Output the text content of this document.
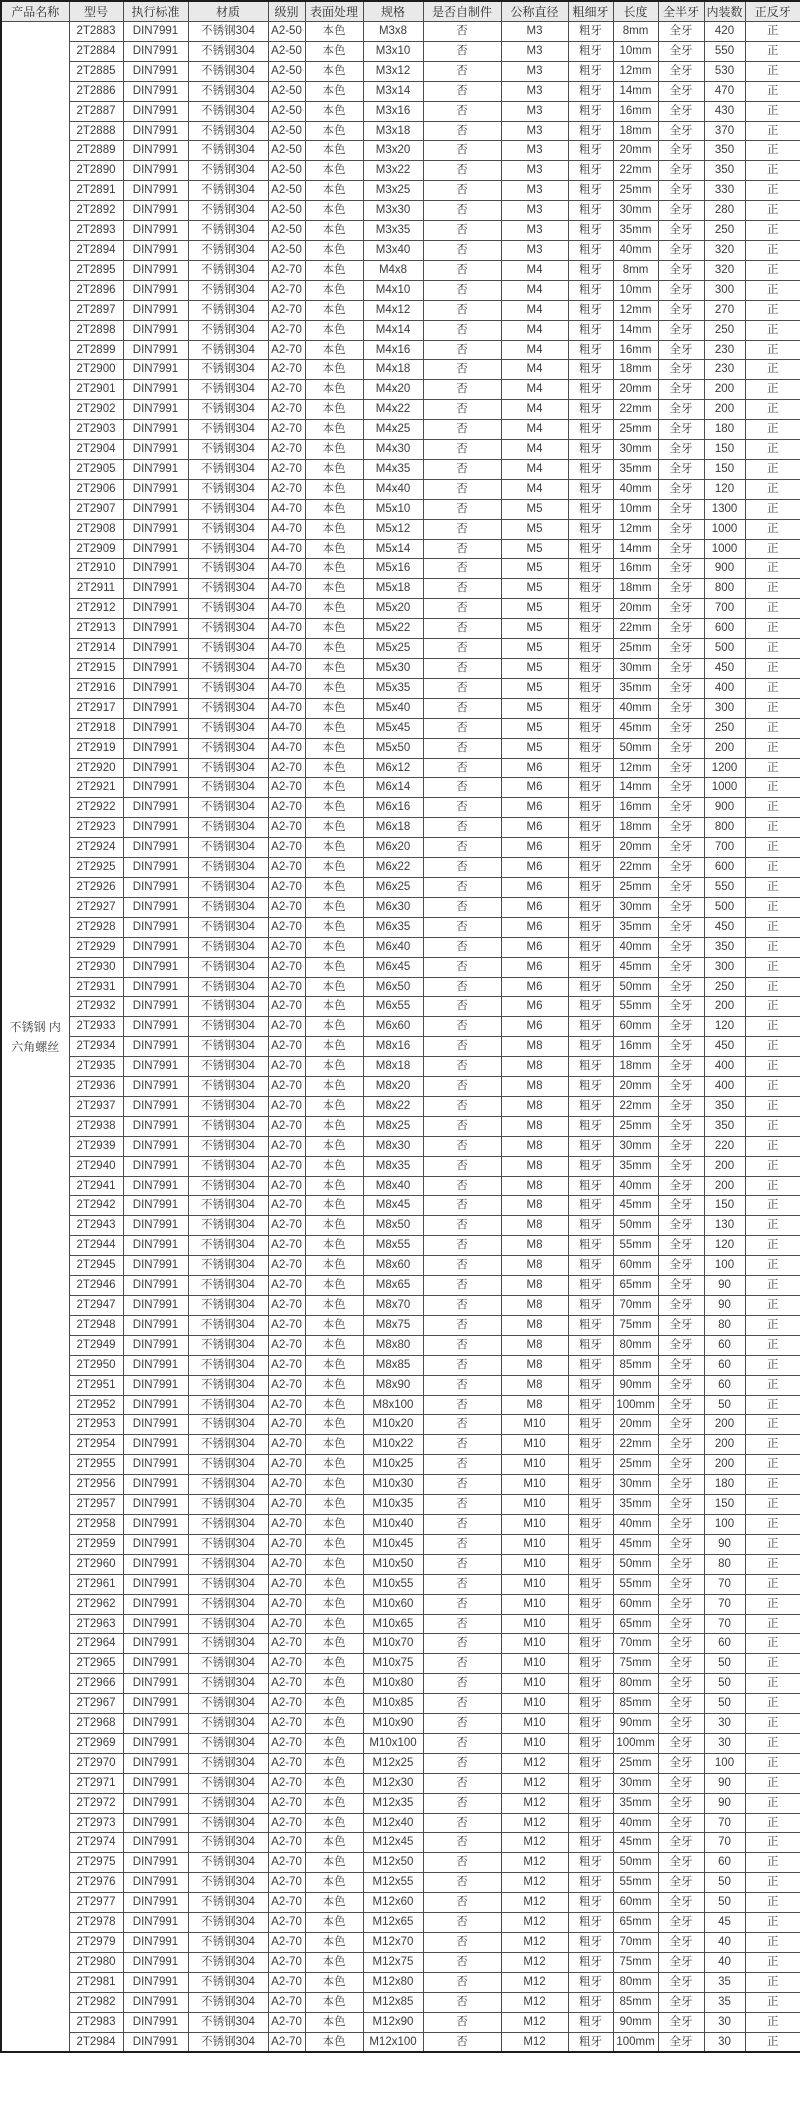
产品名称	型号	执行标准	材质	级别	表面处理	规格	是否自制件	公称直径	粗细牙	长度	全半牙	内装数	正反牙
不锈钢 内六角螺丝	2T2883	DIN7991	不锈钢304	A2-50	本色	M3x8	否	M3	粗牙	8mm	全牙	420	正
	2T2884	DIN7991	不锈钢304	A2-50	本色	M3x10	否	M3	粗牙	10mm	全牙	550	正
	2T2885	DIN7991	不锈钢304	A2-50	本色	M3x12	否	M3	粗牙	12mm	全牙	530	正
	2T2886	DIN7991	不锈钢304	A2-50	本色	M3x14	否	M3	粗牙	14mm	全牙	470	正
	2T2887	DIN7991	不锈钢304	A2-50	本色	M3x16	否	M3	粗牙	16mm	全牙	430	正
	2T2888	DIN7991	不锈钢304	A2-50	本色	M3x18	否	M3	粗牙	18mm	全牙	370	正
	2T2889	DIN7991	不锈钢304	A2-50	本色	M3x20	否	M3	粗牙	20mm	全牙	350	正
	2T2890	DIN7991	不锈钢304	A2-50	本色	M3x22	否	M3	粗牙	22mm	全牙	350	正
	2T2891	DIN7991	不锈钢304	A2-50	本色	M3x25	否	M3	粗牙	25mm	全牙	330	正
	2T2892	DIN7991	不锈钢304	A2-50	本色	M3x30	否	M3	粗牙	30mm	全牙	280	正
	2T2893	DIN7991	不锈钢304	A2-50	本色	M3x35	否	M3	粗牙	35mm	全牙	250	正
	2T2894	DIN7991	不锈钢304	A2-50	本色	M3x40	否	M3	粗牙	40mm	全牙	320	正
	2T2895	DIN7991	不锈钢304	A2-70	本色	M4x8	否	M4	粗牙	8mm	全牙	320	正
	2T2896	DIN7991	不锈钢304	A2-70	本色	M4x10	否	M4	粗牙	10mm	全牙	300	正
	2T2897	DIN7991	不锈钢304	A2-70	本色	M4x12	否	M4	粗牙	12mm	全牙	270	正
	2T2898	DIN7991	不锈钢304	A2-70	本色	M4x14	否	M4	粗牙	14mm	全牙	250	正
	2T2899	DIN7991	不锈钢304	A2-70	本色	M4x16	否	M4	粗牙	16mm	全牙	230	正
	2T2900	DIN7991	不锈钢304	A2-70	本色	M4x18	否	M4	粗牙	18mm	全牙	230	正
	2T2901	DIN7991	不锈钢304	A2-70	本色	M4x20	否	M4	粗牙	20mm	全牙	200	正
	2T2902	DIN7991	不锈钢304	A2-70	本色	M4x22	否	M4	粗牙	22mm	全牙	200	正
	2T2903	DIN7991	不锈钢304	A2-70	本色	M4x25	否	M4	粗牙	25mm	全牙	180	正
	2T2904	DIN7991	不锈钢304	A2-70	本色	M4x30	否	M4	粗牙	30mm	全牙	150	正
	2T2905	DIN7991	不锈钢304	A2-70	本色	M4x35	否	M4	粗牙	35mm	全牙	150	正
	2T2906	DIN7991	不锈钢304	A2-70	本色	M4x40	否	M4	粗牙	40mm	全牙	120	正
	2T2907	DIN7991	不锈钢304	A4-70	本色	M5x10	否	M5	粗牙	10mm	全牙	1300	正
	2T2908	DIN7991	不锈钢304	A4-70	本色	M5x12	否	M5	粗牙	12mm	全牙	1000	正
	2T2909	DIN7991	不锈钢304	A4-70	本色	M5x14	否	M5	粗牙	14mm	全牙	1000	正
	2T2910	DIN7991	不锈钢304	A4-70	本色	M5x16	否	M5	粗牙	16mm	全牙	900	正
	2T2911	DIN7991	不锈钢304	A4-70	本色	M5x18	否	M5	粗牙	18mm	全牙	800	正
	2T2912	DIN7991	不锈钢304	A4-70	本色	M5x20	否	M5	粗牙	20mm	全牙	700	正
	2T2913	DIN7991	不锈钢304	A4-70	本色	M5x22	否	M5	粗牙	22mm	全牙	600	正
	2T2914	DIN7991	不锈钢304	A4-70	本色	M5x25	否	M5	粗牙	25mm	全牙	500	正
	2T2915	DIN7991	不锈钢304	A4-70	本色	M5x30	否	M5	粗牙	30mm	全牙	450	正
	2T2916	DIN7991	不锈钢304	A4-70	本色	M5x35	否	M5	粗牙	35mm	全牙	400	正
	2T2917	DIN7991	不锈钢304	A4-70	本色	M5x40	否	M5	粗牙	40mm	全牙	300	正
	2T2918	DIN7991	不锈钢304	A4-70	本色	M5x45	否	M5	粗牙	45mm	全牙	250	正
	2T2919	DIN7991	不锈钢304	A4-70	本色	M5x50	否	M5	粗牙	50mm	全牙	200	正
	2T2920	DIN7991	不锈钢304	A2-70	本色	M6x12	否	M6	粗牙	12mm	全牙	1200	正
	2T2921	DIN7991	不锈钢304	A2-70	本色	M6x14	否	M6	粗牙	14mm	全牙	1000	正
	2T2922	DIN7991	不锈钢304	A2-70	本色	M6x16	否	M6	粗牙	16mm	全牙	900	正
	2T2923	DIN7991	不锈钢304	A2-70	本色	M6x18	否	M6	粗牙	18mm	全牙	800	正
	2T2924	DIN7991	不锈钢304	A2-70	本色	M6x20	否	M6	粗牙	20mm	全牙	700	正
	2T2925	DIN7991	不锈钢304	A2-70	本色	M6x22	否	M6	粗牙	22mm	全牙	600	正
	2T2926	DIN7991	不锈钢304	A2-70	本色	M6x25	否	M6	粗牙	25mm	全牙	550	正
	2T2927	DIN7991	不锈钢304	A2-70	本色	M6x30	否	M6	粗牙	30mm	全牙	500	正
	2T2928	DIN7991	不锈钢304	A2-70	本色	M6x35	否	M6	粗牙	35mm	全牙	450	正
	2T2929	DIN7991	不锈钢304	A2-70	本色	M6x40	否	M6	粗牙	40mm	全牙	350	正
	2T2930	DIN7991	不锈钢304	A2-70	本色	M6x45	否	M6	粗牙	45mm	全牙	300	正
	2T2931	DIN7991	不锈钢304	A2-70	本色	M6x50	否	M6	粗牙	50mm	全牙	250	正
	2T2932	DIN7991	不锈钢304	A2-70	本色	M6x55	否	M6	粗牙	55mm	全牙	200	正
	2T2933	DIN7991	不锈钢304	A2-70	本色	M6x60	否	M6	粗牙	60mm	全牙	120	正
	2T2934	DIN7991	不锈钢304	A2-70	本色	M8x16	否	M8	粗牙	16mm	全牙	450	正
	2T2935	DIN7991	不锈钢304	A2-70	本色	M8x18	否	M8	粗牙	18mm	全牙	400	正
	2T2936	DIN7991	不锈钢304	A2-70	本色	M8x20	否	M8	粗牙	20mm	全牙	400	正
	2T2937	DIN7991	不锈钢304	A2-70	本色	M8x22	否	M8	粗牙	22mm	全牙	350	正
	2T2938	DIN7991	不锈钢304	A2-70	本色	M8x25	否	M8	粗牙	25mm	全牙	350	正
	2T2939	DIN7991	不锈钢304	A2-70	本色	M8x30	否	M8	粗牙	30mm	全牙	220	正
	2T2940	DIN7991	不锈钢304	A2-70	本色	M8x35	否	M8	粗牙	35mm	全牙	200	正
	2T2941	DIN7991	不锈钢304	A2-70	本色	M8x40	否	M8	粗牙	40mm	全牙	200	正
	2T2942	DIN7991	不锈钢304	A2-70	本色	M8x45	否	M8	粗牙	45mm	全牙	150	正
	2T2943	DIN7991	不锈钢304	A2-70	本色	M8x50	否	M8	粗牙	50mm	全牙	130	正
	2T2944	DIN7991	不锈钢304	A2-70	本色	M8x55	否	M8	粗牙	55mm	全牙	120	正
	2T2945	DIN7991	不锈钢304	A2-70	本色	M8x60	否	M8	粗牙	60mm	全牙	100	正
	2T2946	DIN7991	不锈钢304	A2-70	本色	M8x65	否	M8	粗牙	65mm	全牙	90	正
	2T2947	DIN7991	不锈钢304	A2-70	本色	M8x70	否	M8	粗牙	70mm	全牙	90	正
	2T2948	DIN7991	不锈钢304	A2-70	本色	M8x75	否	M8	粗牙	75mm	全牙	80	正
	2T2949	DIN7991	不锈钢304	A2-70	本色	M8x80	否	M8	粗牙	80mm	全牙	60	正
	2T2950	DIN7991	不锈钢304	A2-70	本色	M8x85	否	M8	粗牙	85mm	全牙	60	正
	2T2951	DIN7991	不锈钢304	A2-70	本色	M8x90	否	M8	粗牙	90mm	全牙	60	正
	2T2952	DIN7991	不锈钢304	A2-70	本色	M8x100	否	M8	粗牙	100mm	全牙	50	正
	2T2953	DIN7991	不锈钢304	A2-70	本色	M10x20	否	M10	粗牙	20mm	全牙	200	正
	2T2954	DIN7991	不锈钢304	A2-70	本色	M10x22	否	M10	粗牙	22mm	全牙	200	正
	2T2955	DIN7991	不锈钢304	A2-70	本色	M10x25	否	M10	粗牙	25mm	全牙	200	正
	2T2956	DIN7991	不锈钢304	A2-70	本色	M10x30	否	M10	粗牙	30mm	全牙	180	正
	2T2957	DIN7991	不锈钢304	A2-70	本色	M10x35	否	M10	粗牙	35mm	全牙	150	正
	2T2958	DIN7991	不锈钢304	A2-70	本色	M10x40	否	M10	粗牙	40mm	全牙	100	正
	2T2959	DIN7991	不锈钢304	A2-70	本色	M10x45	否	M10	粗牙	45mm	全牙	90	正
	2T2960	DIN7991	不锈钢304	A2-70	本色	M10x50	否	M10	粗牙	50mm	全牙	80	正
	2T2961	DIN7991	不锈钢304	A2-70	本色	M10x55	否	M10	粗牙	55mm	全牙	70	正
	2T2962	DIN7991	不锈钢304	A2-70	本色	M10x60	否	M10	粗牙	60mm	全牙	70	正
	2T2963	DIN7991	不锈钢304	A2-70	本色	M10x65	否	M10	粗牙	65mm	全牙	70	正
	2T2964	DIN7991	不锈钢304	A2-70	本色	M10x70	否	M10	粗牙	70mm	全牙	60	正
	2T2965	DIN7991	不锈钢304	A2-70	本色	M10x75	否	M10	粗牙	75mm	全牙	50	正
	2T2966	DIN7991	不锈钢304	A2-70	本色	M10x80	否	M10	粗牙	80mm	全牙	50	正
	2T2967	DIN7991	不锈钢304	A2-70	本色	M10x85	否	M10	粗牙	85mm	全牙	50	正
	2T2968	DIN7991	不锈钢304	A2-70	本色	M10x90	否	M10	粗牙	90mm	全牙	30	正
	2T2969	DIN7991	不锈钢304	A2-70	本色	M10x100	否	M10	粗牙	100mm	全牙	30	正
	2T2970	DIN7991	不锈钢304	A2-70	本色	M12x25	否	M12	粗牙	25mm	全牙	100	正
	2T2971	DIN7991	不锈钢304	A2-70	本色	M12x30	否	M12	粗牙	30mm	全牙	90	正
	2T2972	DIN7991	不锈钢304	A2-70	本色	M12x35	否	M12	粗牙	35mm	全牙	90	正
	2T2973	DIN7991	不锈钢304	A2-70	本色	M12x40	否	M12	粗牙	40mm	全牙	70	正
	2T2974	DIN7991	不锈钢304	A2-70	本色	M12x45	否	M12	粗牙	45mm	全牙	70	正
	2T2975	DIN7991	不锈钢304	A2-70	本色	M12x50	否	M12	粗牙	50mm	全牙	60	正
	2T2976	DIN7991	不锈钢304	A2-70	本色	M12x55	否	M12	粗牙	55mm	全牙	50	正
	2T2977	DIN7991	不锈钢304	A2-70	本色	M12x60	否	M12	粗牙	60mm	全牙	50	正
	2T2978	DIN7991	不锈钢304	A2-70	本色	M12x65	否	M12	粗牙	65mm	全牙	45	正
	2T2979	DIN7991	不锈钢304	A2-70	本色	M12x70	否	M12	粗牙	70mm	全牙	40	正
	2T2980	DIN7991	不锈钢304	A2-70	本色	M12x75	否	M12	粗牙	75mm	全牙	40	正
	2T2981	DIN7991	不锈钢304	A2-70	本色	M12x80	否	M12	粗牙	80mm	全牙	35	正
	2T2982	DIN7991	不锈钢304	A2-70	本色	M12x85	否	M12	粗牙	85mm	全牙	35	正
	2T2983	DIN7991	不锈钢304	A2-70	本色	M12x90	否	M12	粗牙	90mm	全牙	30	正
	2T2984	DIN7991	不锈钢304	A2-70	本色	M12x100	否	M12	粗牙	100mm	全牙	30	正
